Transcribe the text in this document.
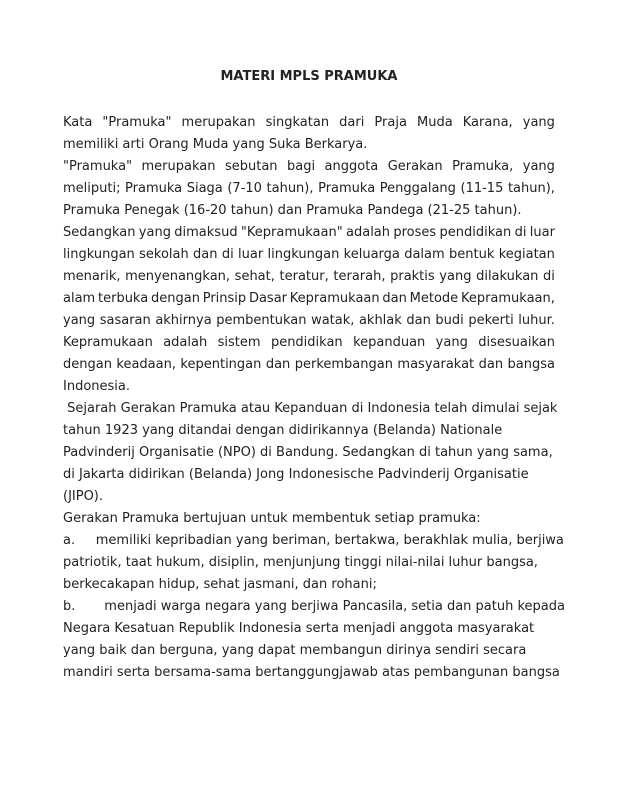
MATERI MPLS PRAMUKA
Kata "Pramuka" merupakan singkatan dari Praja Muda Karana, yang
memiliki arti Orang Muda yang Suka Berkarya.
"Pramuka" merupakan sebutan bagi anggota Gerakan Pramuka, yang
meliputi; Pramuka Siaga (7-10 tahun), Pramuka Penggalang (11-15 tahun),
Pramuka Penegak (16-20 tahun) dan Pramuka Pandega (21-25 tahun).
Sedangkan yang dimaksud "Kepramukaan" adalah proses pendidikan di luar
lingkungan sekolah dan di luar lingkungan keluarga dalam bentuk kegiatan
menarik, menyenangkan, sehat, teratur, terarah, praktis yang dilakukan di
alam terbuka dengan Prinsip Dasar Kepramukaan dan Metode Kepramukaan,
yang sasaran akhirnya pembentukan watak, akhlak dan budi pekerti luhur.
Kepramukaan adalah sistem pendidikan kepanduan yang disesuaikan
dengan keadaan, kepentingan dan perkembangan masyarakat dan bangsa
Indonesia.
Sejarah Gerakan Pramuka atau Kepanduan di Indonesia telah dimulai sejak
tahun 1923 yang ditandai dengan didirikannya (Belanda) Nationale
Padvinderij Organisatie (NPO) di Bandung. Sedangkan di tahun yang sama,
di Jakarta didirikan (Belanda) Jong Indonesische Padvinderij Organisatie
(JIPO).
Gerakan Pramuka bertujuan untuk membentuk setiap pramuka:
a.     memiliki kepribadian yang beriman, bertakwa, berakhlak mulia, berjiwa
patriotik, taat hukum, disiplin, menjunjung tinggi nilai-nilai luhur bangsa,
berkecakapan hidup, sehat jasmani, dan rohani;
b.       menjadi warga negara yang berjiwa Pancasila, setia dan patuh kepada
Negara Kesatuan Republik Indonesia serta menjadi anggota masyarakat
yang baik dan berguna, yang dapat membangun dirinya sendiri secara
mandiri serta bersama-sama bertanggungjawab atas pembangunan bangsa
